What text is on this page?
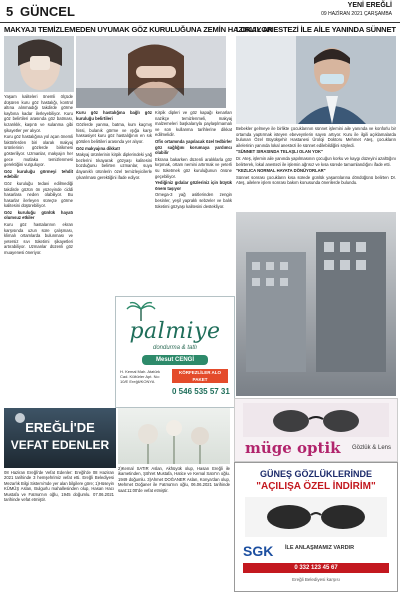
5 GÜNCEL	YENİ EREĞLİ
09 HAZİRAN 2021 ÇARŞAMBA
MAKYAJI TEMİZLEMEDEN UYUMAK GÖZ KURULUĞUNA ZEMİN HAZIRLIYOR

Yaşam kaliteleri önemli ölçüde düşüren kuru göz hastalığı, kontrol altına alınmadığı takdirde görme kaybına kadar ilerleyebiliyor. Kuru göz belirtileri arasında göz batması, kızarıklık, kaşıntı ve sulanma gibi şikayetler yer alıyor.

Kuru göz hastalığına yol açan önemli faktörlerden biri olarak makyaj ürünlerinin gözlerde birikmesi gösteriliyor. Uzmanlar, makyajın her gece mutlaka temizlenmesi gerektiğini vurguluyor.

Göz kuruluğu görmeyi tehdit edebilir

Göz kuruluğu tedavi edilmediği takdirde gözün ön yüzeyinde ciddi hasarlara neden olabiliyor. Bu hasarlar ilerleyen süreçte görme kalitesini düşürebiliyor.

Göz kuruluğu günlük hayatı olumsuz etkiler

Kuru göz hastalarının ekran karşısında uzun süre çalışması, klimalı ortamlarda bulunması ve yetersiz sıvı tüketimi şikayetleri artırabiliyor. Uzmanlar düzenli göz muayenesi öneriyor.

Kuru göz hastalığına bağlı göz kuruluğu belirtileri

Gözlerde yanma, batma, kum kaçmış hissi, bulanık görme ve ışığa karşı hassasiyet kuru göz hastalığının en sık görülen belirtileri arasında yer alıyor.

Göz makyajına dikkat!

Makyaj ürünlerinin kirpik diplerindeki yağ bezlerini tıkayarak gözyaşı kalitesini bozduğunu belirten uzmanlar, suya dayanıklı ürünlerin özel temizleyicilerle çıkarılması gerektiğini ifade ediyor.

Kirpik dipleri ve göz kapağı kenarları nazikçe temizlenmeli, makyaj malzemeleri başkalarıyla paylaşılmamalı ve son kullanma tarihlerine dikkat edilmelidir.

Ofis ortamında yapılacak özel tedbirler göz sağlığını korumaya yardımcı olabilir

Ekrana bakarken düzenli aralıklarla göz kırpmak, ortam nemini artırmak ve yeterli su tüketmek göz kuruluğunun önüne geçebiliyor.

Yediğiniz gıdalar gözleriniz için büyük önem taşıyor

Omega-3 yağ asitlerinden zengin besinler, yeşil yapraklı sebzeler ve balık tüketimi gözyaşı kalitesini destekliyor.

LOKAL ANESTEZİ İLE AİLE YANINDA SÜNNET

Bebekler gelmeye ile birlikte çocuklarının sünnet işlemini aile yanında ve konforlu bir ortamda yaptırmak isteyen ebeveynlerin sayısı artıyor. Kuru ile ilgili açıklamalarda bulunan Özel Büyükşehir Hastanesi Üroloji Doktoru Mehmet Ateş, çocukların ailelerinin yanında lokal anestezi ile sünnet edilebildiğini söyledi.

"SÜNNET SIRASINDA TELAŞLI OLAN YOK"

Dr. Ateş, işlemin aile yanında yapılmasının çocuğun korku ve kaygı düzeyini azalttığını belirterek, lokal anestezi ile işlemin ağrısız ve kısa sürede tamamlandığını ifade etti.

"KEZLICA NORMAL HAYATA DÖNÜYORLAR"

Sünnet sonrası çocukların kısa sürede günlük yaşantılarına döndüğünü belirten Dr. Ateş, ailelere işlem sonrası bakım konusunda önerilerde bulundu.

palmiye
dondurma & tatlı
Mesut CENGİ
H. Kemal Mah. Atatürk Cad. Kültürler Apt. No: 10/E Ereğli/KONYA
KÖRFEZLİLER ALO PAKET
0 546 535 57 31
EREĞLİ'DE
VEFAT EDENLER
08 Haziran Ereğli'de Vefat Edenler: Ereğli'de 08 Haziran 2021 tarihinde 3 hemşehrimiz vefat etti. Ereğli Belediyesi Mezarlık Bilgi Sistemi'nde yer alan bilgilere göre; 1)Hüseyin KÜMÜŞ Aslan, Bulgurlu mahallesinden olup, Hasan Hacı Mustafa ve Fatma'nın oğlu, 1945 doğumlu. 07.06.2021 tarihinde vefat etmiştir.
2)Kemal SATIR Aslan, Akhüyük olup, Hasan Ereğli ile ikametinden, Şöhret Mustafa, Hatice ve Kemal Satır'ın oğlu. 1949 doğumlu. 3)Ahmet DOĞANER Aslan, Konya'dan olup, Mehmet Doğaner ile Fatma'nın oğlu, 06.06.2021 tarihinde saat:11:00'de vefat etmiştir.
müge optik Gözlük & Lens
GÜNEŞ GÖZLÜKLERİNDE
"AÇILIŞA ÖZEL İNDİRİM"
SGK İLE ANLAŞMAMIZ VARDIR
0 332 123 45 67
Ereğli Belediyesi karşısı
